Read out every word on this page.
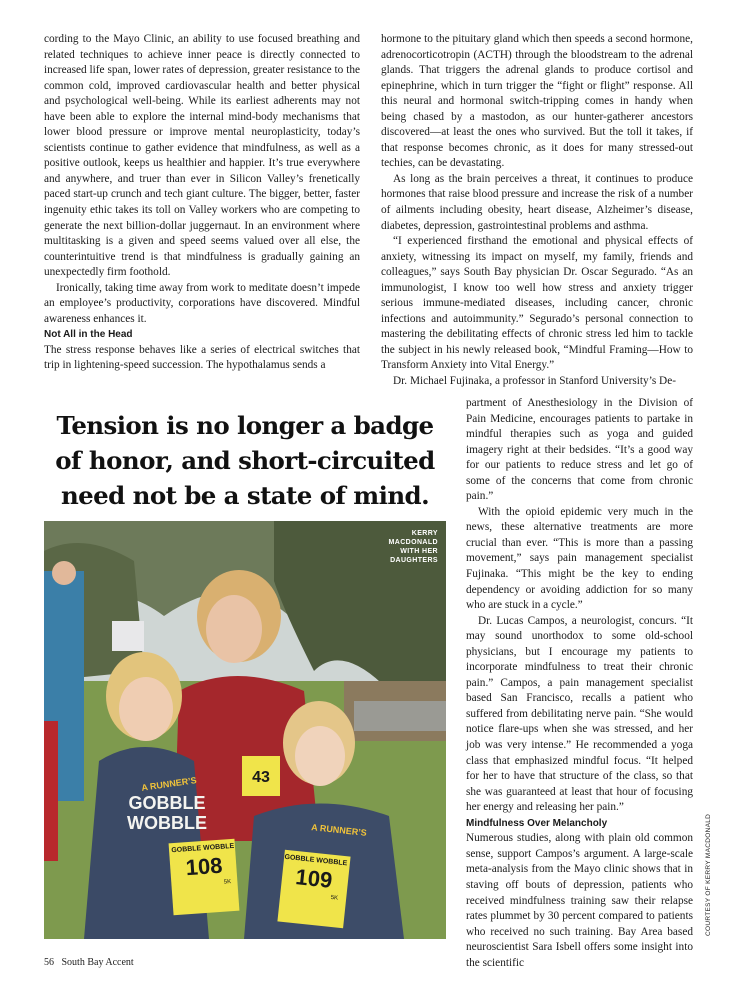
cording to the Mayo Clinic, an ability to use focused breathing and related techniques to achieve inner peace is directly connected to increased life span, lower rates of depression, greater resistance to the common cold, improved cardiovascular health and better physical and psychological well-being. While its earliest adherents may not have been able to explore the internal mind-body mechanisms that lower blood pressure or improve mental neuroplasticity, today’s scientists continue to gather evidence that mindfulness, as well as a positive outlook, keeps us healthier and happier. It’s true everywhere and anywhere, and truer than ever in Silicon Valley’s frenetically paced start-up crunch and tech giant culture. The bigger, better, faster ingenuity ethic takes its toll on Valley workers who are competing to generate the next billion-dollar juggernaut. In an environment where multitasking is a given and speed seems valued over all else, the counterintuitive trend is that mindfulness is gradually gaining an unexpectedly firm foothold.

Ironically, taking time away from work to meditate doesn’t impede an employee’s productivity, corporations have discovered. Mindful awareness enhances it.

Not All in the Head

The stress response behaves like a series of electrical switches that trip in lightening-speed succession. The hypothalamus sends a

hormone to the pituitary gland which then speeds a second hormone, adrenocorticotropin (ACTH) through the bloodstream to the adrenal glands. That triggers the adrenal glands to produce cortisol and epinephrine, which in turn trigger the “fight or flight” response. All this neural and hormonal switch-tripping comes in handy when being chased by a mastodon, as our hunter-gatherer ancestors discovered—at least the ones who survived. But the toll it takes, if that response becomes chronic, as it does for many stressed-out techies, can be devastating.

As long as the brain perceives a threat, it continues to produce hormones that raise blood pressure and increase the risk of a number of ailments including obesity, heart disease, Alzheimer’s disease, diabetes, depression, gastrointestinal problems and asthma.

“I experienced firsthand the emotional and physical effects of anxiety, witnessing its impact on myself, my family, friends and colleagues,” says South Bay physician Dr. Oscar Segurado. “As an immunologist, I know too well how stress and anxiety trigger serious immune-mediated diseases, including cancer, chronic infections and autoimmunity.” Segurado’s personal connection to mastering the debilitating effects of chronic stress led him to tackle the subject in his newly released book, “Mindful Framing—How to Transform Anxiety into Vital Energy.”

Dr. Michael Fujinaka, a professor in Stanford University’s De-

partment of Anesthesiology in the Division of Pain Medicine, encourages patients to partake in mindful therapies such as yoga and guided imagery right at their bedsides. “It’s a good way for our patients to reduce stress and let go of some of the concerns that come from chronic pain.”

With the opioid epidemic very much in the news, these alternative treatments are more crucial than ever. “This is more than a passing movement,” says pain management specialist Fujinaka. “This might be the key to ending dependency or avoiding addiction for so many who are stuck in a cycle.”

Dr. Lucas Campos, a neurologist, concurs. “It may sound unorthodox to some old-school physicians, but I encourage my patients to incorporate mindfulness to treat their chronic pain.” Campos, a pain management specialist based San Francisco, recalls a patient who suffered from debilitating nerve pain. “She would notice flare-ups when she was stressed, and her job was very intense.” He recommended a yoga class that emphasized mindful focus. “It helped for her to have that structure of the class, so that she was guaranteed at least that hour of focusing her energy and releasing her pain.”

Mindfulness Over Melancholy

Numerous studies, along with plain old common sense, support Campos’s argument. A large-scale meta-analysis from the Mayo clinic shows that in staving off bouts of depression, patients who received mindfulness training saw their relapse rates plummet by 30 percent compared to patients who received no such training. Bay Area based neuroscientist Sara Isbell offers some insight into the scientific

Tension is no longer a badge of honor, and short-circuited need not be a state of mind.
KERRY
MACDONALD
WITH HER
DAUGHTERS
A RUNNER’S
GOBBLE
WOBBLE	A RUNNER’S
GOBBLE WOBBLE
108
5K
GOBBLE WOBBLE
109
5K
43
COURTESY OF KERRY MACDONALD
56   South Bay Accent
